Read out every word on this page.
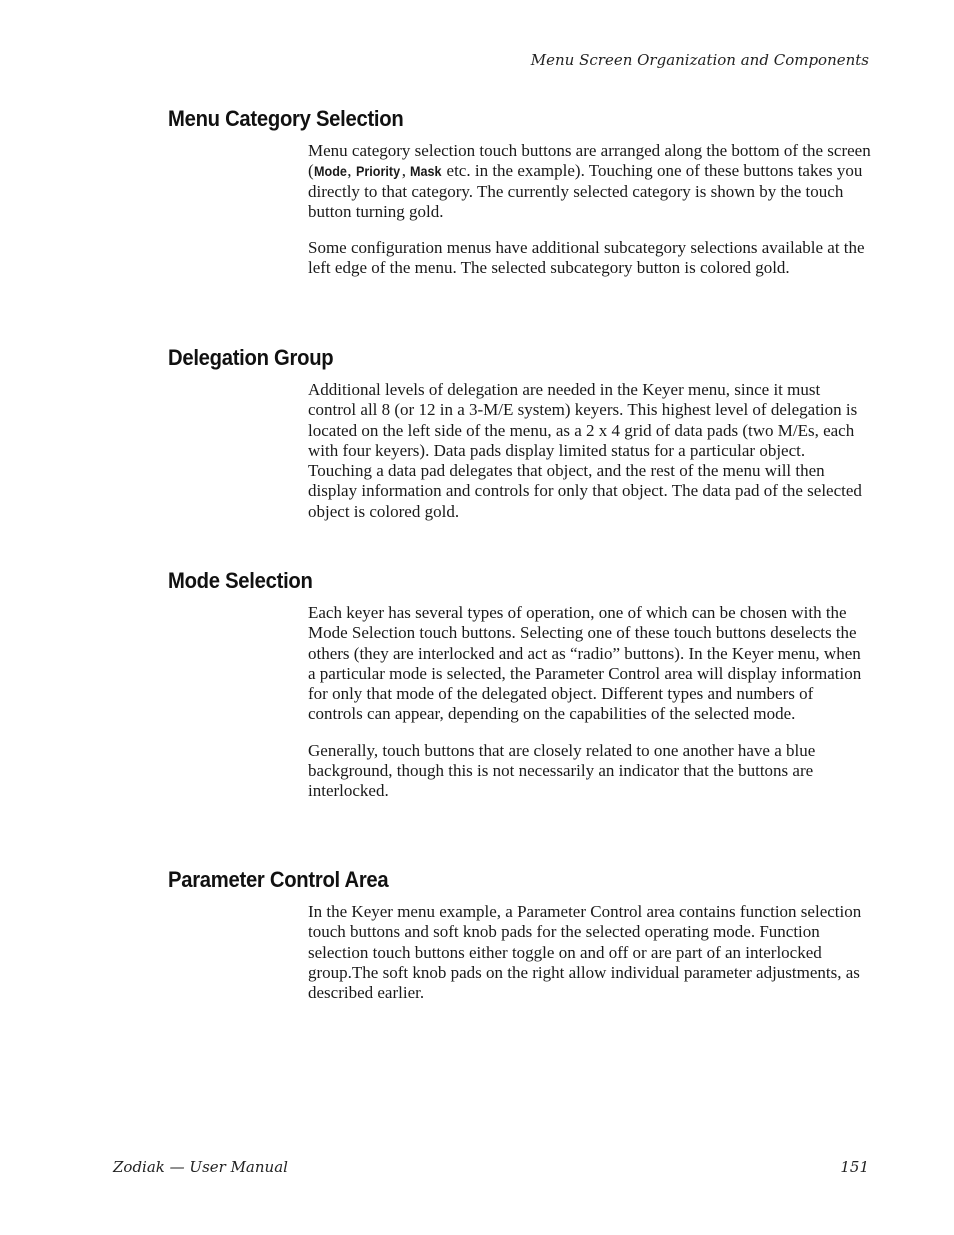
Menu Screen Organization and Components
Menu Category Selection

Menu category selection touch buttons are arranged along the bottom of the screen (Mode, Priority , Mask etc. in the example). Touching one of these buttons takes you directly to that category. The currently selected category is shown by the touch button turning gold.

Some configuration menus have additional subcategory selections available at the left edge of the menu. The selected subcategory button is colored gold.

Delegation Group

Additional levels of delegation are needed in the Keyer menu, since it must control all 8 (or 12 in a 3-M/E system) keyers. This highest level of delegation is located on the left side of the menu, as a 2 x 4 grid of data pads (two M/Es, each with four keyers). Data pads display limited status for a particular object. Touching a data pad delegates that object, and the rest of the menu will then display information and controls for only that object. The data pad of the selected object is colored gold.

Mode Selection

Each keyer has several types of operation, one of which can be chosen with the Mode Selection touch buttons. Selecting one of these touch buttons deselects the others (they are interlocked and act as “radio” buttons). In the Keyer menu, when a particular mode is selected, the Parameter Control area will display information for only that mode of the delegated object. Different types and numbers of controls can appear, depending on the capabilities of the selected mode.

Generally, touch buttons that are closely related to one another have a blue background, though this is not necessarily an indicator that the buttons are interlocked.

Parameter Control Area

In the Keyer menu example, a Parameter Control area contains function selection touch buttons and soft knob pads for the selected operating mode. Function selection touch buttons either toggle on and off or are part of an interlocked group.The soft knob pads on the right allow individual parameter adjustments, as described earlier.

Zodiak — User Manual	151
